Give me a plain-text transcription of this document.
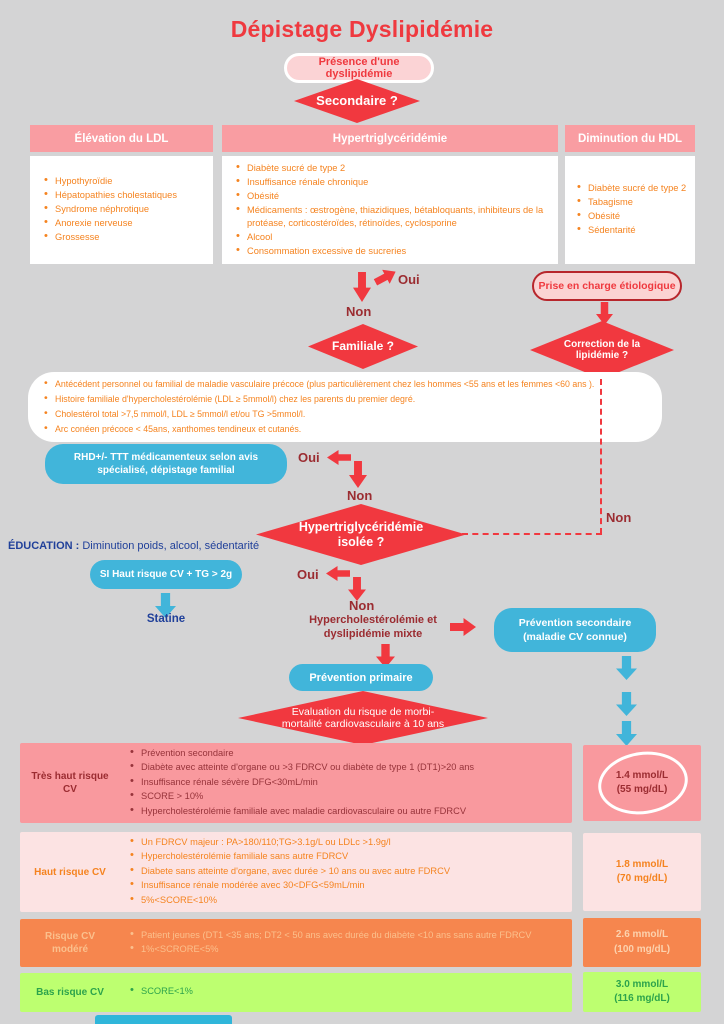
Dépistage Dyslipidémie
Présence d'une dyslipidémie
Secondaire ?
Élévation du LDL	Hypertriglycéridémie	Diminution du HDL
• Hypothyroïdie
• Hépatopathies cholestatiques
• Syndrome néphrotique
• Anorexie nerveuse
• Grossesse
• Diabète sucré de type 2
• Insuffisance rénale chronique
• Obésité
• Médicaments : œstrogène, thiazidiques, bétabloquants, inhibiteurs de la protéase, corticostéroïdes, rétinoïdes, cyclosporine
• Alcool
• Consommation excessive de sucreries
• Diabète sucré de type 2
• Tabagisme
• Obésité
• Sédentarité
Oui
Non
Familiale ?
Prise en charge étiologique
Correction de la lipidémie ?
• Antécédent personnel ou familial de maladie vasculaire précoce (plus particulièrement chez les hommes <55 ans et les femmes <60 ans ).
• Histoire familiale d'hypercholestérolémie (LDL ≥ 5mmol/l) chez les parents du premier degré.
• Cholestérol total >7,5 mmol/l, LDL ≥ 5mmol/l et/ou TG >5mmol/l.
• Arc conéen précoce < 45ans, xanthomes tendineux et cutanés.
Non
RHD+/- TTT médicamenteux selon avis spécialisé, dépistage familial
Oui
Non
Hypertriglycéridémie isolée ?
ÉDUCATION : Diminution poids, alcool, sédentarité
SI Haut risque CV + TG > 2g	Oui
Statine
Non
Hypercholestérolémie et dyslipidémie mixte
Prévention secondaire (maladie CV connue)
Prévention primaire
Evaluation du risque de morbi-mortalité cardiovasculaire à 10 ans
Très haut risque CV
• Prévention secondaire
• Diabète avec atteinte d'organe ou >3 FDRCV ou diabète de type 1 (DT1)>20 ans
• Insuffisance rénale sévère DFG<30mL/min
• SCORE > 10%
• Hypercholestérolémie familiale avec maladie cardiovasculaire ou autre FDRCV
1.4 mmol/L
(55 mg/dL)
Haut risque CV
• Un FDRCV majeur : PA>180/110;TG>3.1g/L ou LDLc >1.9g/l
• Hypercholestérolémie familiale sans autre FDRCV
• Diabete sans atteinte d'organe, avec durée > 10 ans ou avec autre FDRCV
• Insuffisance rénale modérée avec 30<DFG<59mL/min
• 5%<SCORE<10%
1.8 mmol/L
(70 mg/dL)
Risque CV modéré
• Patient jeunes (DT1 <35 ans; DT2 < 50 ans avec durée du diabète <10 ans sans autre FDRCV
• 1%<SCRORE<5%
2.6 mmol/L
(100 mg/dL)
Bas risque CV	• SCORE<1%
3.0 mmol/L
(116 mg/dL)
